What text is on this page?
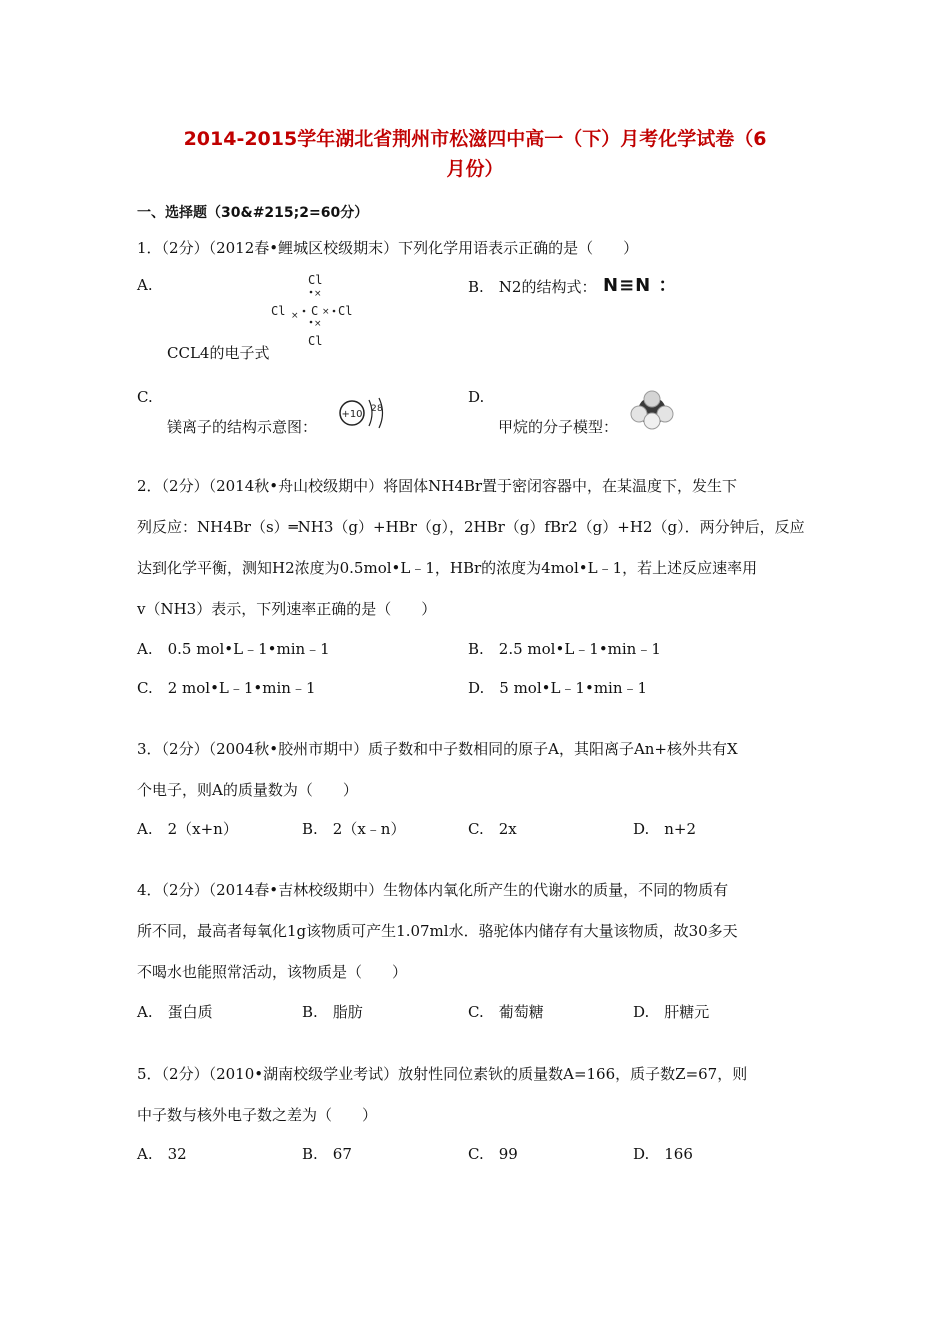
2014-2015学年湖北省荆州市松滋四中高一（下）月考化学试卷（6
月份）
一、选择题（30&#215;2=60分）
1．（2分）（2012春•鲤城区校级期末）下列化学用语表示正确的是（　　）
A.	Cl
Cl C Cl
Cl
×
×
×	×
CCL4的电子式
B.　N2的结构式： N≡N ：
C.
镁离子的结构示意图：
+10 2 8
D.
甲烷的分子模型：
2．（2分）（2014秋•舟山校级期中）将固体NH4Br置于密闭容器中，在某温度下，发生下
列反应：NH4Br（s）═NH3（g）+HBr（g），2HBr（g）fBr2（g）+H2（g）．两分钟后，反应
达到化学平衡，测知H2浓度为0.5mol•L﹣1，HBr的浓度为4mol•L﹣1，若上述反应速率用
v（NH3）表示，下列速率正确的是（　　）
A.　0.5 mol•L﹣1•min﹣1	B.　2.5 mol•L﹣1•min﹣1
C.　2 mol•L﹣1•min﹣1	D.　5 mol•L﹣1•min﹣1
3．（2分）（2004秋•胶州市期中）质子数和中子数相同的原子A，其阳离子An+核外共有X
个电子，则A的质量数为（　　）
A.　2（x+n）	B.　2（x﹣n）	C.　2x	D.　n+2
4．（2分）（2014春•吉林校级期中）生物体内氧化所产生的代谢水的质量，不同的物质有
所不同，最高者每氧化1g该物质可产生1.07ml水．骆驼体内储存有大量该物质，故30多天
不喝水也能照常活动，该物质是（　　）
A.　蛋白质	B.　脂肪	C.　葡萄糖	D.　肝糖元
5．（2分）（2010•湖南校级学业考试）放射性同位素钬的质量数A=166，质子数Z=67，则
中子数与核外电子数之差为（　　）
A.　32	B.　67	C.　99	D.　166
